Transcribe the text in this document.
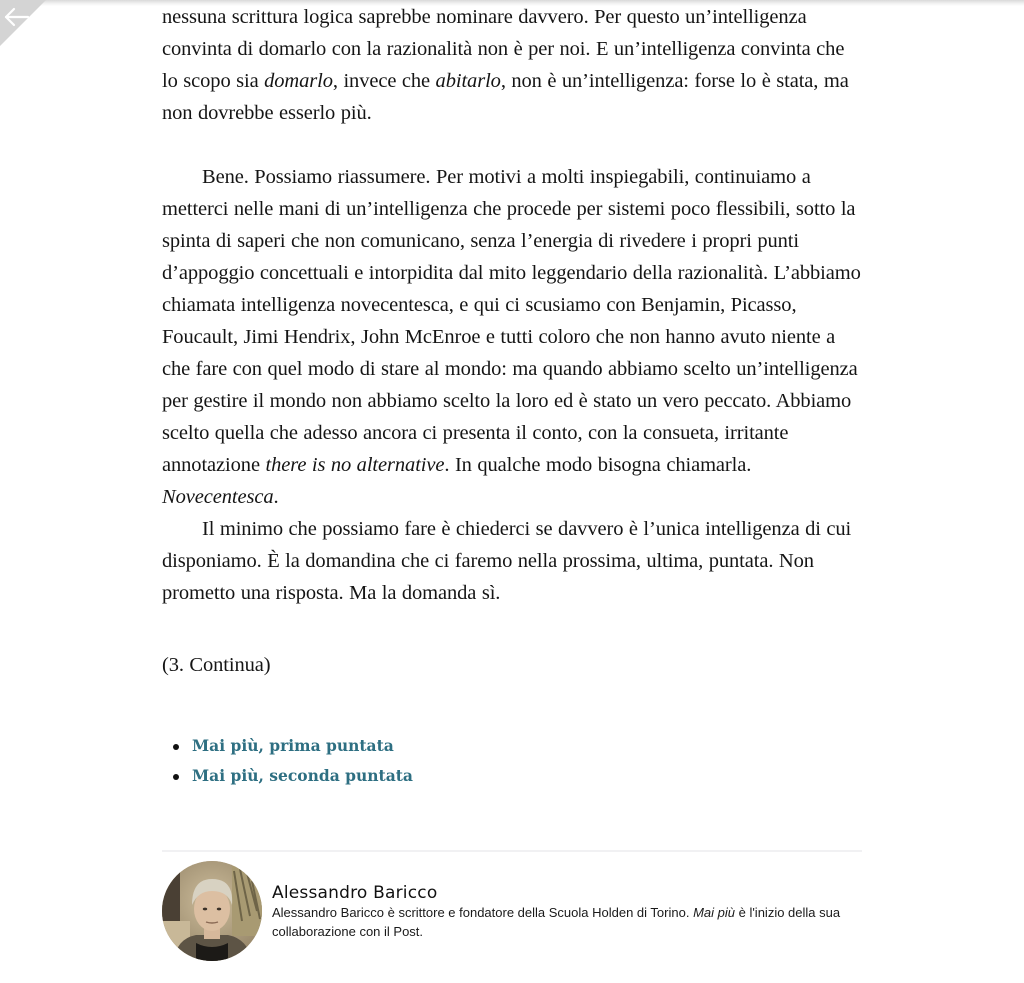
nessuna scrittura logica saprebbe nominare davvero. Per questo un’intelligenza convinta di domarlo con la razionalità non è per noi. E un’intelligenza convinta che lo scopo sia domarlo, invece che abitarlo, non è un’intelligenza: forse lo è stata, ma non dovrebbe esserlo più.

Bene. Possiamo riassumere. Per motivi a molti inspiegabili, continuiamo a metterci nelle mani di un’intelligenza che procede per sistemi poco flessibili, sotto la spinta di saperi che non comunicano, senza l’energia di rivedere i propri punti d’appoggio concettuali e intorpidita dal mito leggendario della razionalità. L’abbiamo chiamata intelligenza novecentesca, e qui ci scusiamo con Benjamin, Picasso, Foucault, Jimi Hendrix, John McEnroe e tutti coloro che non hanno avuto niente a che fare con quel modo di stare al mondo: ma quando abbiamo scelto un’intelligenza per gestire il mondo non abbiamo scelto la loro ed è stato un vero peccato. Abbiamo scelto quella che adesso ancora ci presenta il conto, con la consueta, irritante annotazione there is no alternative. In qualche modo bisogna chiamarla. Novecentesca.

Il minimo che possiamo fare è chiederci se davvero è l’unica intelligenza di cui disponiamo. È la domandina che ci faremo nella prossima, ultima, puntata. Non prometto una risposta. Ma la domanda sì.

(3. Continua)

Mai più, prima puntata
Mai più, seconda puntata
Alessandro Baricco
Alessandro Baricco è scrittore e fondatore della Scuola Holden di Torino. Mai più è l'inizio della sua collaborazione con il Post.
